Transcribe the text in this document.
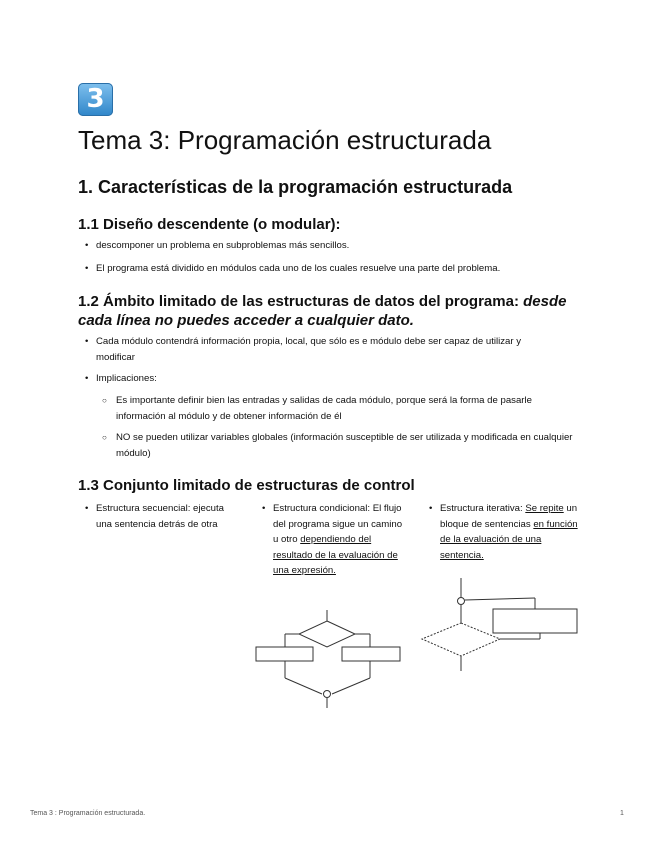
3
Tema 3: Programación estructurada
1. Características de la programación estructurada
1.1 Diseño descendente (o modular):
• descomponer un problema en subproblemas más sencillos.
• El programa está dividido en módulos cada uno de los cuales resuelve una parte del problema.
1.2 Ámbito limitado de las estructuras de datos del programa: desde cada línea no puedes acceder a cualquier dato.
• Cada módulo contendrá información propia, local, que sólo es e módulo debe ser capaz de utilizar y modificar
• Implicaciones:
○ Es importante definir bien las entradas y salidas de cada módulo, porque será la forma de pasarle información al módulo y de obtener información de él
○ NO se pueden utilizar variables globales (información susceptible de ser utilizada y modificada en cualquier módulo)
1.3 Conjunto limitado de estructuras de control
• Estructura secuencial: ejecuta una sentencia detrás de otra
• Estructura condicional: El flujo del programa sigue un camino u otro dependiendo del resultado de la evaluación de una expresión.
• Estructura iterativa: Se repite un bloque de sentencias en función de la evaluación de una sentencia.
Tema 3 : Programación estructurada.	1
